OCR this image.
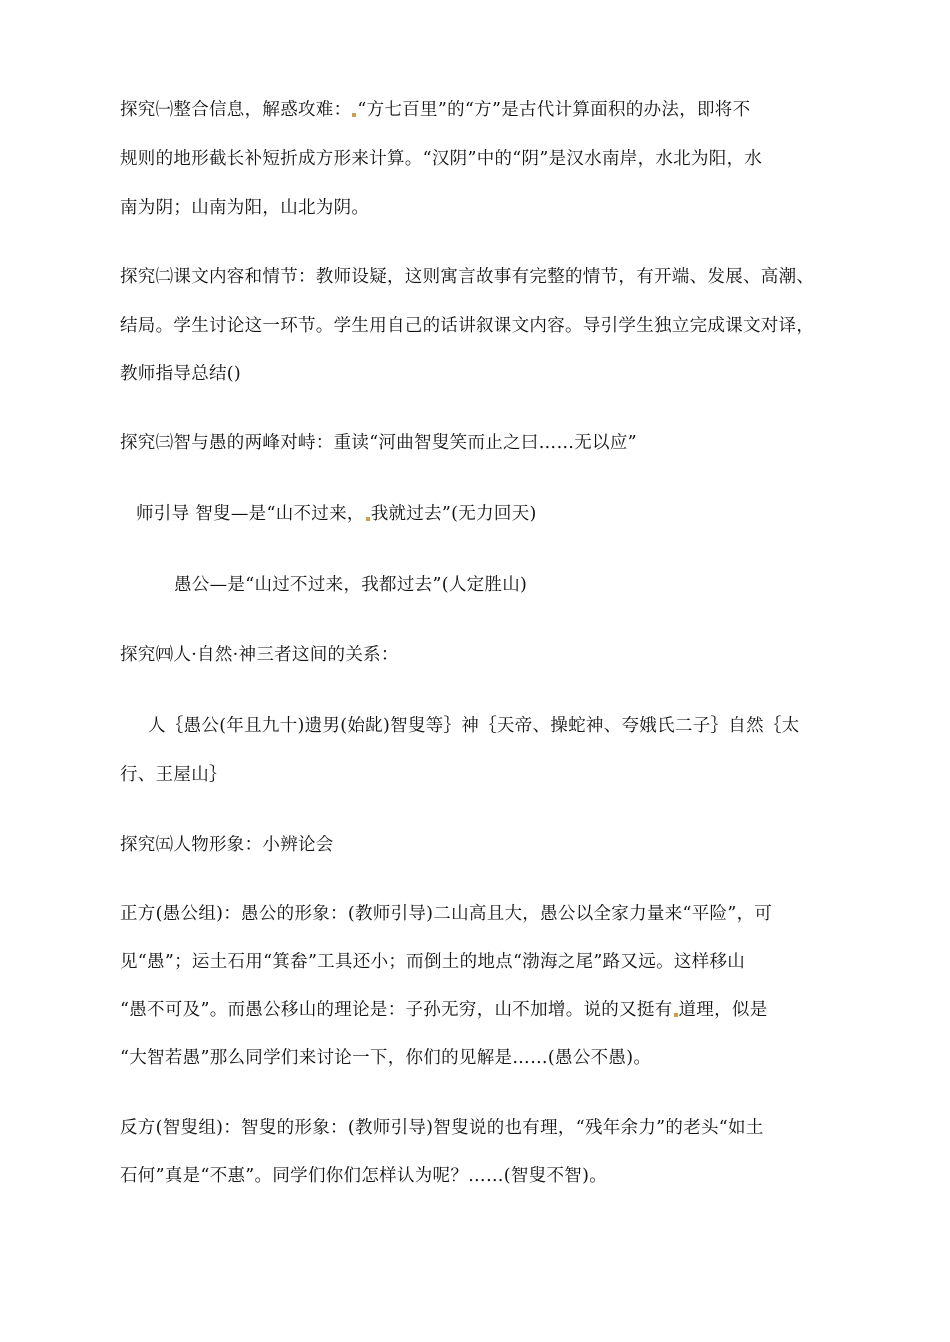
探究㈠整合信息，解惑攻难： “方七百里”的“方”是古代计算面积的办法，即将不
规则的地形截长补短折成方形来计算。“汉阴”中的“阴”是汉水南岸，水北为阳，水
南为阴；山南为阳，山北为阴。
探究㈡课文内容和情节：教师设疑，这则寓言故事有完整的情节，有开端、发展、高潮、
结局。学生讨论这一环节。学生用自己的话讲叙课文内容。导引学生独立完成课文对译，
教师指导总结()
探究㈢智与愚的两峰对峙：重读“河曲智叟笑而止之曰……无以应”
师引导 智叟—是“山不过来， 我就过去”(无力回天)
愚公—是“山过不过来，我都过去”(人定胜山)
探究㈣人·自然·神三者这间的关系：
人｛愚公(年且九十)遗男(始龀)智叟等｝神｛天帝、操蛇神、夸娥氏二子｝自然｛太
行、王屋山｝
探究㈤人物形象：小辨论会
正方(愚公组)：愚公的形象：(教师引导)二山高且大，愚公以全家力量来“平险”，可
见“愚”；运土石用“箕畚”工具还小；而倒土的地点“渤海之尾”路又远。这样移山
“愚不可及”。而愚公移山的理论是：子孙无穷，山不加增。说的又挺有 道理，似是
“大智若愚”那么同学们来讨论一下，你们的见解是……(愚公不愚)。
反方(智叟组)：智叟的形象：(教师引导)智叟说的也有理，“残年余力”的老头“如土
石何”真是“不惠”。同学们你们怎样认为呢？……(智叟不智)。
